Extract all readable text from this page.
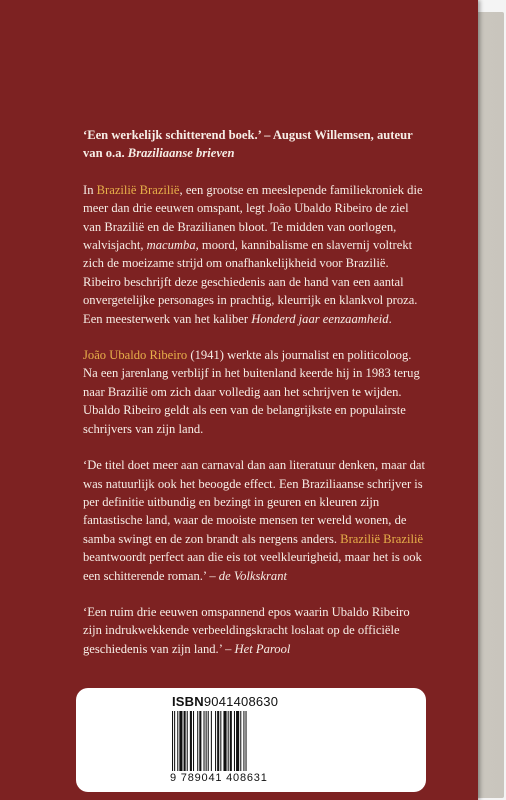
‘Een werkelijk schitterend boek.’ – August Willemsen, auteur van o.a. Braziliaanse brieven

In Brazilië Brazilië, een grootse en meeslepende familiekroniek die meer dan drie eeuwen omspant, legt João Ubaldo Ribeiro de ziel van Brazilië en de Brazilianen bloot. Te midden van oorlogen, walvisjacht, macumba, moord, kannibalisme en slavernij voltrekt zich de moeizame strijd om onafhankelijkheid voor Brazilië. Ribeiro beschrijft deze geschiedenis aan de hand van een aantal onvergetelijke personages in prachtig, kleurrijk en klankvol proza. Een meesterwerk van het kaliber Honderd jaar eenzaamheid.

João Ubaldo Ribeiro (1941) werkte als journalist en politicoloog. Na een jarenlang verblijf in het buitenland keerde hij in 1983 terug naar Brazilië om zich daar volledig aan het schrijven te wijden. Ubaldo Ribeiro geldt als een van de belangrijkste en populairste schrijvers van zijn land.

‘De titel doet meer aan carnaval dan aan literatuur denken, maar dat was natuurlijk ook het beoogde effect. Een Braziliaanse schrijver is per definitie uitbundig en bezingt in geuren en kleuren zijn fantastische land, waar de mooiste mensen ter wereld wonen, de samba swingt en de zon brandt als nergens anders. Brazilië Brazilië beantwoordt perfect aan die eis tot veelkleurigheid, maar het is ook een schitterende roman.’ – de Volkskrant

‘Een ruim drie eeuwen omspannend epos waarin Ubaldo Ribeiro zijn indrukwekkende verbeeldingskracht loslaat op de officiële geschiedenis van zijn land.’ – Het Parool

ISBN9041408630
9 789041 408631
